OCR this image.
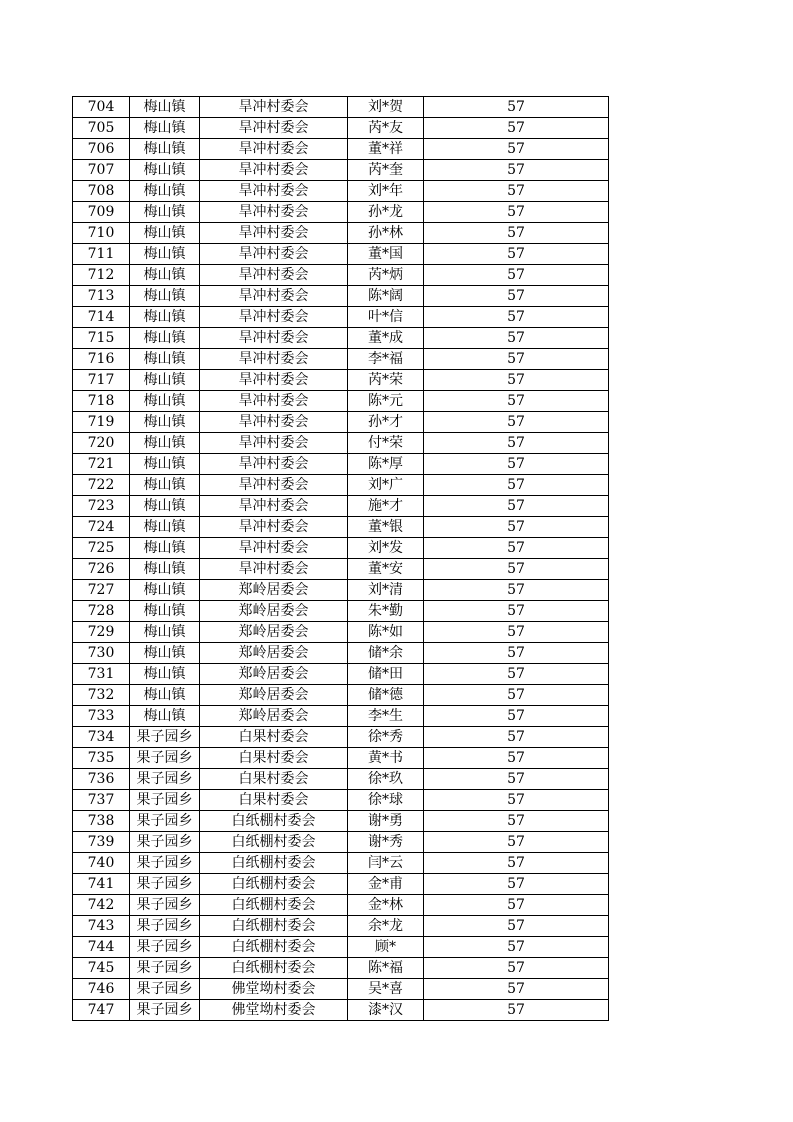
704	梅山镇	旱冲村委会	刘*贺	57
705	梅山镇	旱冲村委会	芮*友	57
706	梅山镇	旱冲村委会	董*祥	57
707	梅山镇	旱冲村委会	芮*奎	57
708	梅山镇	旱冲村委会	刘*年	57
709	梅山镇	旱冲村委会	孙*龙	57
710	梅山镇	旱冲村委会	孙*林	57
711	梅山镇	旱冲村委会	董*国	57
712	梅山镇	旱冲村委会	芮*炳	57
713	梅山镇	旱冲村委会	陈*阔	57
714	梅山镇	旱冲村委会	叶*信	57
715	梅山镇	旱冲村委会	董*成	57
716	梅山镇	旱冲村委会	李*福	57
717	梅山镇	旱冲村委会	芮*荣	57
718	梅山镇	旱冲村委会	陈*元	57
719	梅山镇	旱冲村委会	孙*才	57
720	梅山镇	旱冲村委会	付*荣	57
721	梅山镇	旱冲村委会	陈*厚	57
722	梅山镇	旱冲村委会	刘*广	57
723	梅山镇	旱冲村委会	施*才	57
724	梅山镇	旱冲村委会	董*银	57
725	梅山镇	旱冲村委会	刘*发	57
726	梅山镇	旱冲村委会	董*安	57
727	梅山镇	郑岭居委会	刘*清	57
728	梅山镇	郑岭居委会	朱*勤	57
729	梅山镇	郑岭居委会	陈*如	57
730	梅山镇	郑岭居委会	储*余	57
731	梅山镇	郑岭居委会	储*田	57
732	梅山镇	郑岭居委会	储*德	57
733	梅山镇	郑岭居委会	李*生	57
734	果子园乡	白果村委会	徐*秀	57
735	果子园乡	白果村委会	黄*书	57
736	果子园乡	白果村委会	徐*玖	57
737	果子园乡	白果村委会	徐*球	57
738	果子园乡	白纸棚村委会	谢*勇	57
739	果子园乡	白纸棚村委会	谢*秀	57
740	果子园乡	白纸棚村委会	闫*云	57
741	果子园乡	白纸棚村委会	金*甫	57
742	果子园乡	白纸棚村委会	金*林	57
743	果子园乡	白纸棚村委会	余*龙	57
744	果子园乡	白纸棚村委会	顾*	57
745	果子园乡	白纸棚村委会	陈*福	57
746	果子园乡	佛堂坳村委会	吴*喜	57
747	果子园乡	佛堂坳村委会	漆*汉	57
